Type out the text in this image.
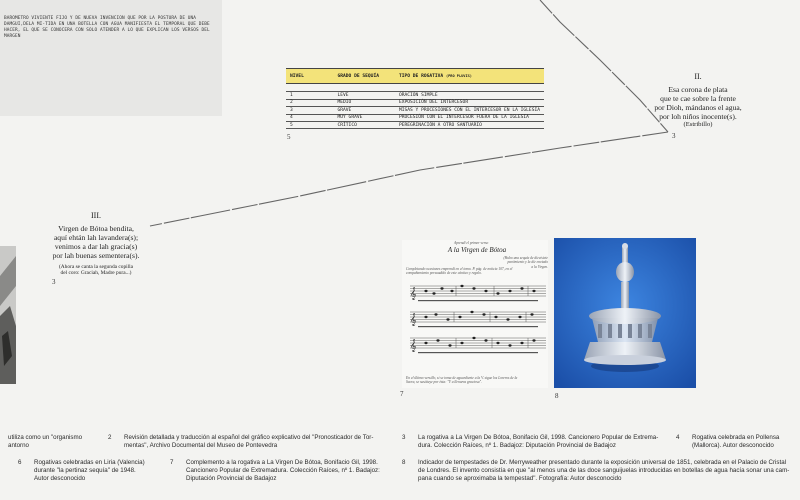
BAROMETRO VIVIENTE FIJO Y DE NUEVA INVENCION QUE POR LA POSTURA DE UNA DAMGUI,DELA MI-TIDA EN UNA BOTELLA CON AGUA MANIFIESTA EL TEMPORAL QUE DEBE HACER, EL QUE SE CONOCERA CON SOLO ATENDER A LO QUE EXPLICAN LOS VERSOS DEL MARGEN
NIVEL	GRADO DE SEQUÍA	TIPO DE ROGATIVA (PRO PLUVIS)

1	LEVE	ORACIÓN SIMPLE
2	MEDIO	EXPOSICIÓN DEL INTERCESOR
3	GRAVE	MISAS Y PROCESIONES CON EL INTERCESOR EN LA IGLESIA
4	MUY GRAVE	PROCESIÓN CON EL INTERCESOR FUERA DE LA IGLESIA
5	CRÍTICO	PEREGRINACIÓN A OTRO SANTUARIO
5
II.
Esa corona de plata
que te cae sobre la frente
por Dioh, mándanos el agua,
por loh niños inocente(s).
(Estribillo)
3
III.
Virgen de Bótoa bendita,
aquí ehtán lah lavandera(s);
venimos a dar lah gracia(s)
por lah buenas sementera(s).
(Ahora se canta la segunda copilla
del coro: Graciah, Madre pura...)
3
Aprendí el primer verso
A la Virgen de Bótoa
(Hubo una sequía de diecisiete
partimiento y la díe enviado
a la Virgen.
Completando ocasiones emprendí en el tomo. P. pág. de noticia 107, en el
compañamiento persuadido de este cántico y regalo.
𝄞
𝄞
𝄞
En el último versillo, si se toma de aguardiente a la V. sigue los Loreros de la
Sacra, se sustituye por ésta: "Y a llenaros graciosa".
7	8
utiliza como un "organismo
antorno
2 Revisión detallada y traducción al español del gráfico explicativo del "Pronosticador de Tor-
mentas", Archivo Documental del Museo de Pontevedra
3 La rogativa a La Virgen De Bótoa, Bonifacio Gil, 1998. Cancionero Popular de Extrema-
dura. Colección Raíces, nº 1. Badajoz: Diputación Provincial de Badajoz
4 Rogativa celebrada en Pollensa
(Mallorca). Autor desconocido
6 Rogativas celebradas en Liria (Valencia)
durante "la pertinaz sequía" de 1948.
Autor desconocido
7 Complemento a la rogativa a La Virgen De Bótoa, Bonifacio Gil, 1998.
Cancionero Popular de Extremadura. Colección Raíces, nº 1. Badajoz:
Diputación Provincial de Badajoz
8 Indicador de tempestades de Dr. Merryweather presentado durante la exposición universal de 1851, celebrada en el Palacio de Cristal
de Londres. El invento consistía en que "al menos una de las doce sanguijuelas introducidas en botellas de agua hacía sonar una cam-
pana cuando se aproximaba la tempestad". Fotografía: Autor desconocido
